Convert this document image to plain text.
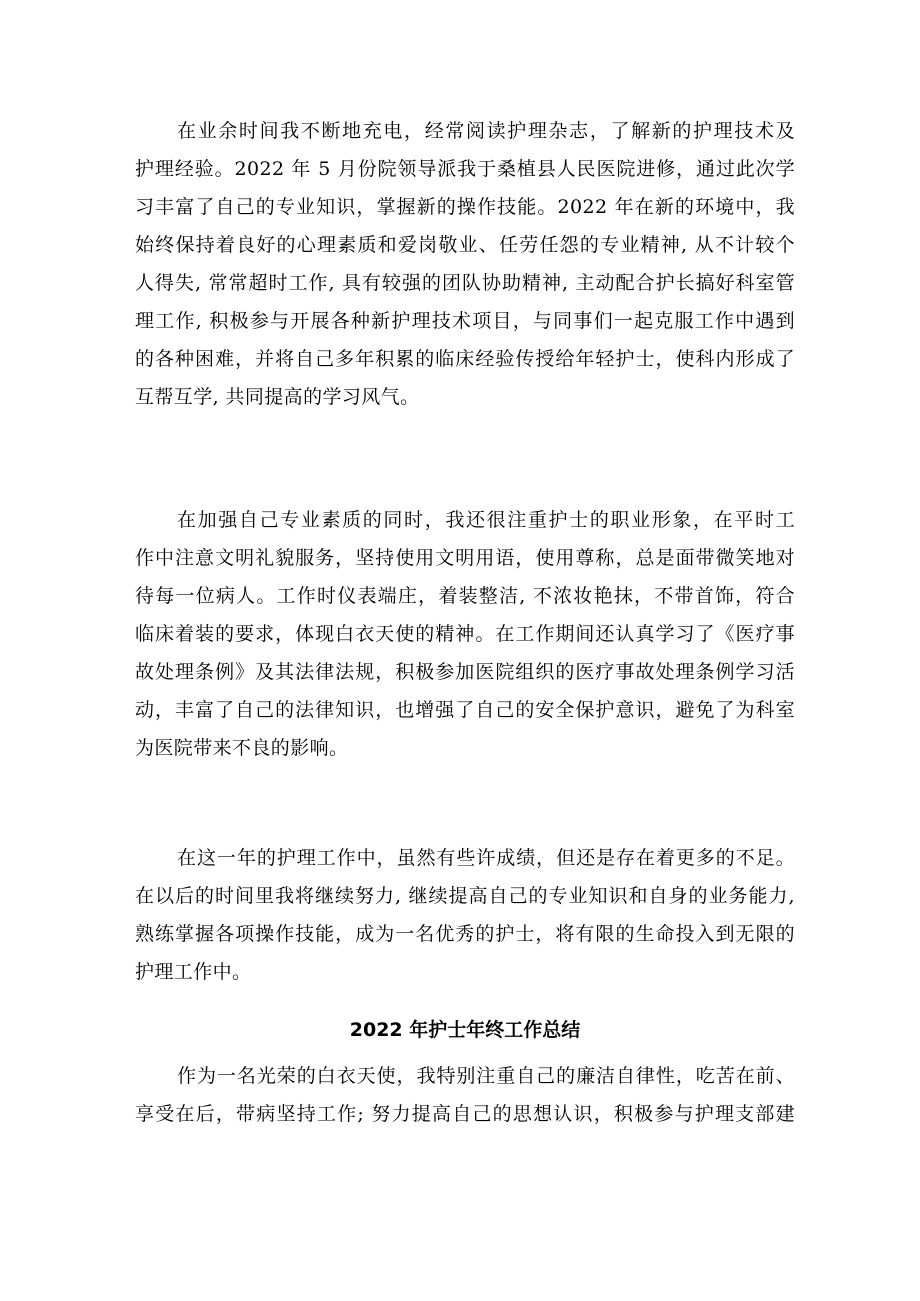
在业余时间我不断地充电，经常阅读护理杂志，了解新的护理技术及
护理经验。2022 年 5 月份院领导派我于桑植县人民医院进修，通过此次学
习丰富了自己的专业知识，掌握新的操作技能。2022 年在新的环境中，我
始终保持着良好的心理素质和爱岗敬业、任劳任怨的专业精神, 从不计较个
人得失, 常常超时工作, 具有较强的团队协助精神, 主动配合护长搞好科室管
理工作, 积极参与开展各种新护理技术项目，与同事们一起克服工作中遇到
的各种困难，并将自己多年积累的临床经验传授给年轻护士，使科内形成了
互帮互学, 共同提高的学习风气。

在加强自己专业素质的同时，我还很注重护士的职业形象，在平时工
作中注意文明礼貌服务，坚持使用文明用语，使用尊称，总是面带微笑地对
待每一位病人。工作时仪表端庄，着装整洁, 不浓妆艳抹，不带首饰，符合
临床着装的要求，体现白衣天使的精神。在工作期间还认真学习了《医疗事
故处理条例》及其法律法规，积极参加医院组织的医疗事故处理条例学习活
动，丰富了自己的法律知识，也增强了自己的安全保护意识，避免了为科室
为医院带来不良的影响。

在这一年的护理工作中，虽然有些许成绩，但还是存在着更多的不足。
在以后的时间里我将继续努力, 继续提高自己的专业知识和自身的业务能力,
熟练掌握各项操作技能，成为一名优秀的护士，将有限的生命投入到无限的
护理工作中。

2022 年护士年终工作总结

作为一名光荣的白衣天使，我特别注重自己的廉洁自律性，吃苦在前、
享受在后，带病坚持工作; 努力提高自己的思想认识，积极参与护理支部建
